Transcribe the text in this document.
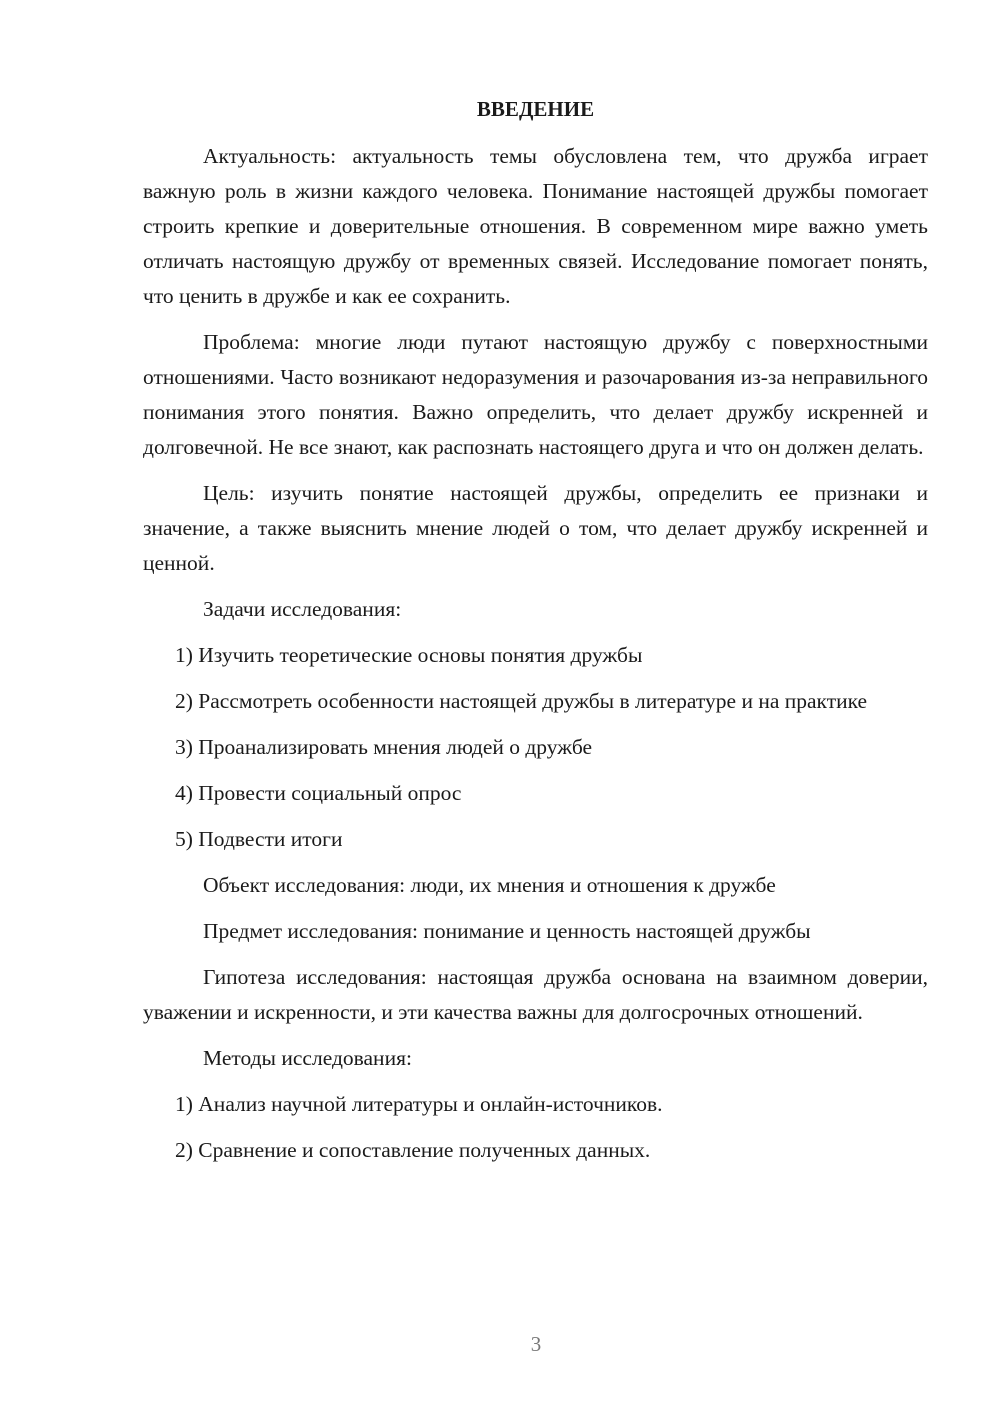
ВВЕДЕНИЕ

Актуальность: актуальность темы обусловлена тем, что дружба играет важную роль в жизни каждого человека. Понимание настоящей дружбы помогает строить крепкие и доверительные отношения. В современном мире важно уметь отличать настоящую дружбу от временных связей. Исследование помогает понять, что ценить в дружбе и как ее сохранить.

Проблема: многие люди путают настоящую дружбу с поверхностными отношениями. Часто возникают недоразумения и разочарования из-за неправильного понимания этого понятия. Важно определить, что делает дружбу искренней и долговечной. Не все знают, как распознать настоящего друга и что он должен делать.

Цель: изучить понятие настоящей дружбы, определить ее признаки и значение, а также выяснить мнение людей о том, что делает дружбу искренней и ценной.

Задачи исследования:

1) Изучить теоретические основы понятия дружбы

2) Рассмотреть особенности настоящей дружбы в литературе и на практике

3) Проанализировать мнения людей о дружбе

4) Провести социальный опрос

5) Подвести итоги

Объект исследования: люди, их мнения и отношения к дружбе

Предмет исследования: понимание и ценность настоящей дружбы

Гипотеза исследования: настоящая дружба основана на взаимном доверии, уважении и искренности, и эти качества важны для долгосрочных отношений.

Методы исследования:

1) Анализ научной литературы и онлайн-источников.

2) Сравнение и сопоставление полученных данных.

3
